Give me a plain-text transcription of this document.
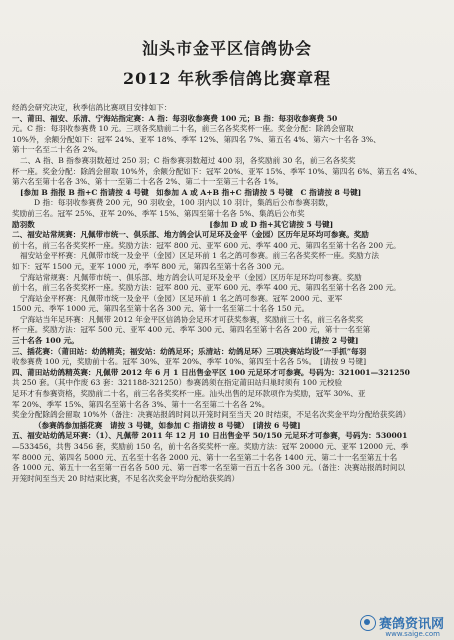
汕头市金平区信鸽协会
2012 年秋季信鸽比赛章程

经鸽会研究决定，秋季信鸽比赛项目安排如下：

一、莆田、福安、乐清、宁海站指定赛：A 指：每羽收参赛费 100 元；B 指：每羽收参赛费 50

元。C 指：每羽收参赛费 10 元。三项各奖励前二十名，前三名各奖奖杯一座。奖金分配：除鸽会留取

10%外，余额分配如下：冠军 24%、亚军 18%、季军 12%、第四名 7%、第五名 4%、第六～十名各 3%、

第十一名至二十名各 2%。

二、A 指、B 指参赛羽数超过 250 羽；C 指参赛羽数超过 400 羽，各奖励前 30 名，前三名各奖奖

杯一座。奖金分配：除鸽会留取 10%外，余额分配如下：冠军 20%、亚军 15%、季军 10%、第四名 6%、第五名 4%、

第六名至第十名各 3%、第十一至第二十名各 2%、第二十一至第三十名各 1%。

[参加 B 指报 B 指+C 指请按 4 号键　如参加 A 或 A+B 指+C 指请按 5 号键　C 指请按 8 号键]

D 指：每羽收参赛费 200 元，90 羽收金，100 羽内以 10 羽计，集鸽后公布参赛羽数，

奖励前三名。冠军 25%、亚军 20%、季军 15%、第四至第十名各 5%、集鸽后公布奖

励羽数　　　　　　　　　　　　　　　　　　　　　　　[参加 D 或 D 指+其它请按 5 号键]

二、福安站常规赛：凡佩带市统一、俱乐部、地方鸽会认可足环及金平（金园）区历年足环均可参赛。奖励

前十名，前三名各奖奖杯一座。奖励方法：冠军 800 元、亚军 600 元、季军 400 元、第四名至第十名各 200 元。

福安站金平杯赛：凡佩带市统一及金平（金园）区足环前 1 名之鸽可参赛。前三名各奖奖杯一座。奖励方法

如下：冠军 1500 元，亚军 1000 元，季军 800 元，第四名至第十名各 300 元。

宁海站常规赛：凡佩带市统一、俱乐部、地方鸽会认可足环及金平（金园）区历年足环均可参赛。奖励

前十名，前三名各奖奖杯一座。奖励方法：冠军 800 元、亚军 600 元、季军 400 元、第四名至第十名各 200 元。

宁海站金平杯赛：凡佩带市统一及金平（金园）区足环前 1 名之鸽可参赛。冠军 2000 元、亚军

1500 元、季军 1000 元、第四名至第十名各 300 元、第十一名至第二十名各 150 元。

宁海站当年足环赛：凡佩带 2012 年金平区信鸽协会足环才可获奖参赛，奖励前三十名，前三名各奖奖

杯一座。奖励方法：冠军 500 元、亚军 400 元、季军 300 元、第四名至第十名各 200 元，第十一名至第

三十名各 100 元。　　　　　　　　　　　　　　　　　　　　　　　　　　　　　　　[请按 2 号键]

三、插花赛：（莆田站：幼鸽精英；福安站：幼鸽足环；乐清站：幼鸽足环）三项决赛站均设“一手抓”每羽

收参赛费 100 元，奖励前十名。冠军 30%、亚军 20%、季军 10%、第四至十名各 5%。　[请按 9 号键]

四、莆田站幼鸽精英赛：凡佩带 2012 年 6 月 1 日出售金平区 100 元足环才可参赛。号码为：321001—321250

共 250 套。（其中作废 63 套：321188-321250）参赛鸽须在指定莆田站归巢时须有 100 元校验

足环才有参赛资格，奖励前二十名，前三名各奖奖杯一座。汕头出售的足环款项作为奖励，冠军 30%、亚

军 20%、季军 15%、第四名至第十名各 3%、第十一名至第二十名各 2%。

奖金分配除鸽会留取 10%外（备注：决赛站报鸽时间以开笼时间至当天 20 时结束，不足名次奖金平均分配给获奖鸽）

（参赛鸽参加插花赛　请按 3 号键，如参加 C 指请按 8 号键）　[请按 6 号键]

五、福安站幼鸽足环赛：（1）、凡佩带 2011 年 12 月 10 日出售金平 50/150 元足环才可参赛，号码为：530001

—533456，共售 3456 套，奖励前 150 名，前十名各奖奖杯一座。奖励方法：冠军 20000 元、亚军 12000 元、季

军 8000 元、第四名 5000 元、五名至十名各 2000 元、第十一名至第二十名各 1400 元、第二十一名至第五十名

各 1000 元、第五十一名至第一百名各 500 元、第一百零一名至第一百五十名各 300 元。（备注：决赛站报鸽时间以

开笼时间至当天 20 时结束比赛，不足名次奖金平均分配给获奖鸽）

赛鸽资讯网
www.saige.com
